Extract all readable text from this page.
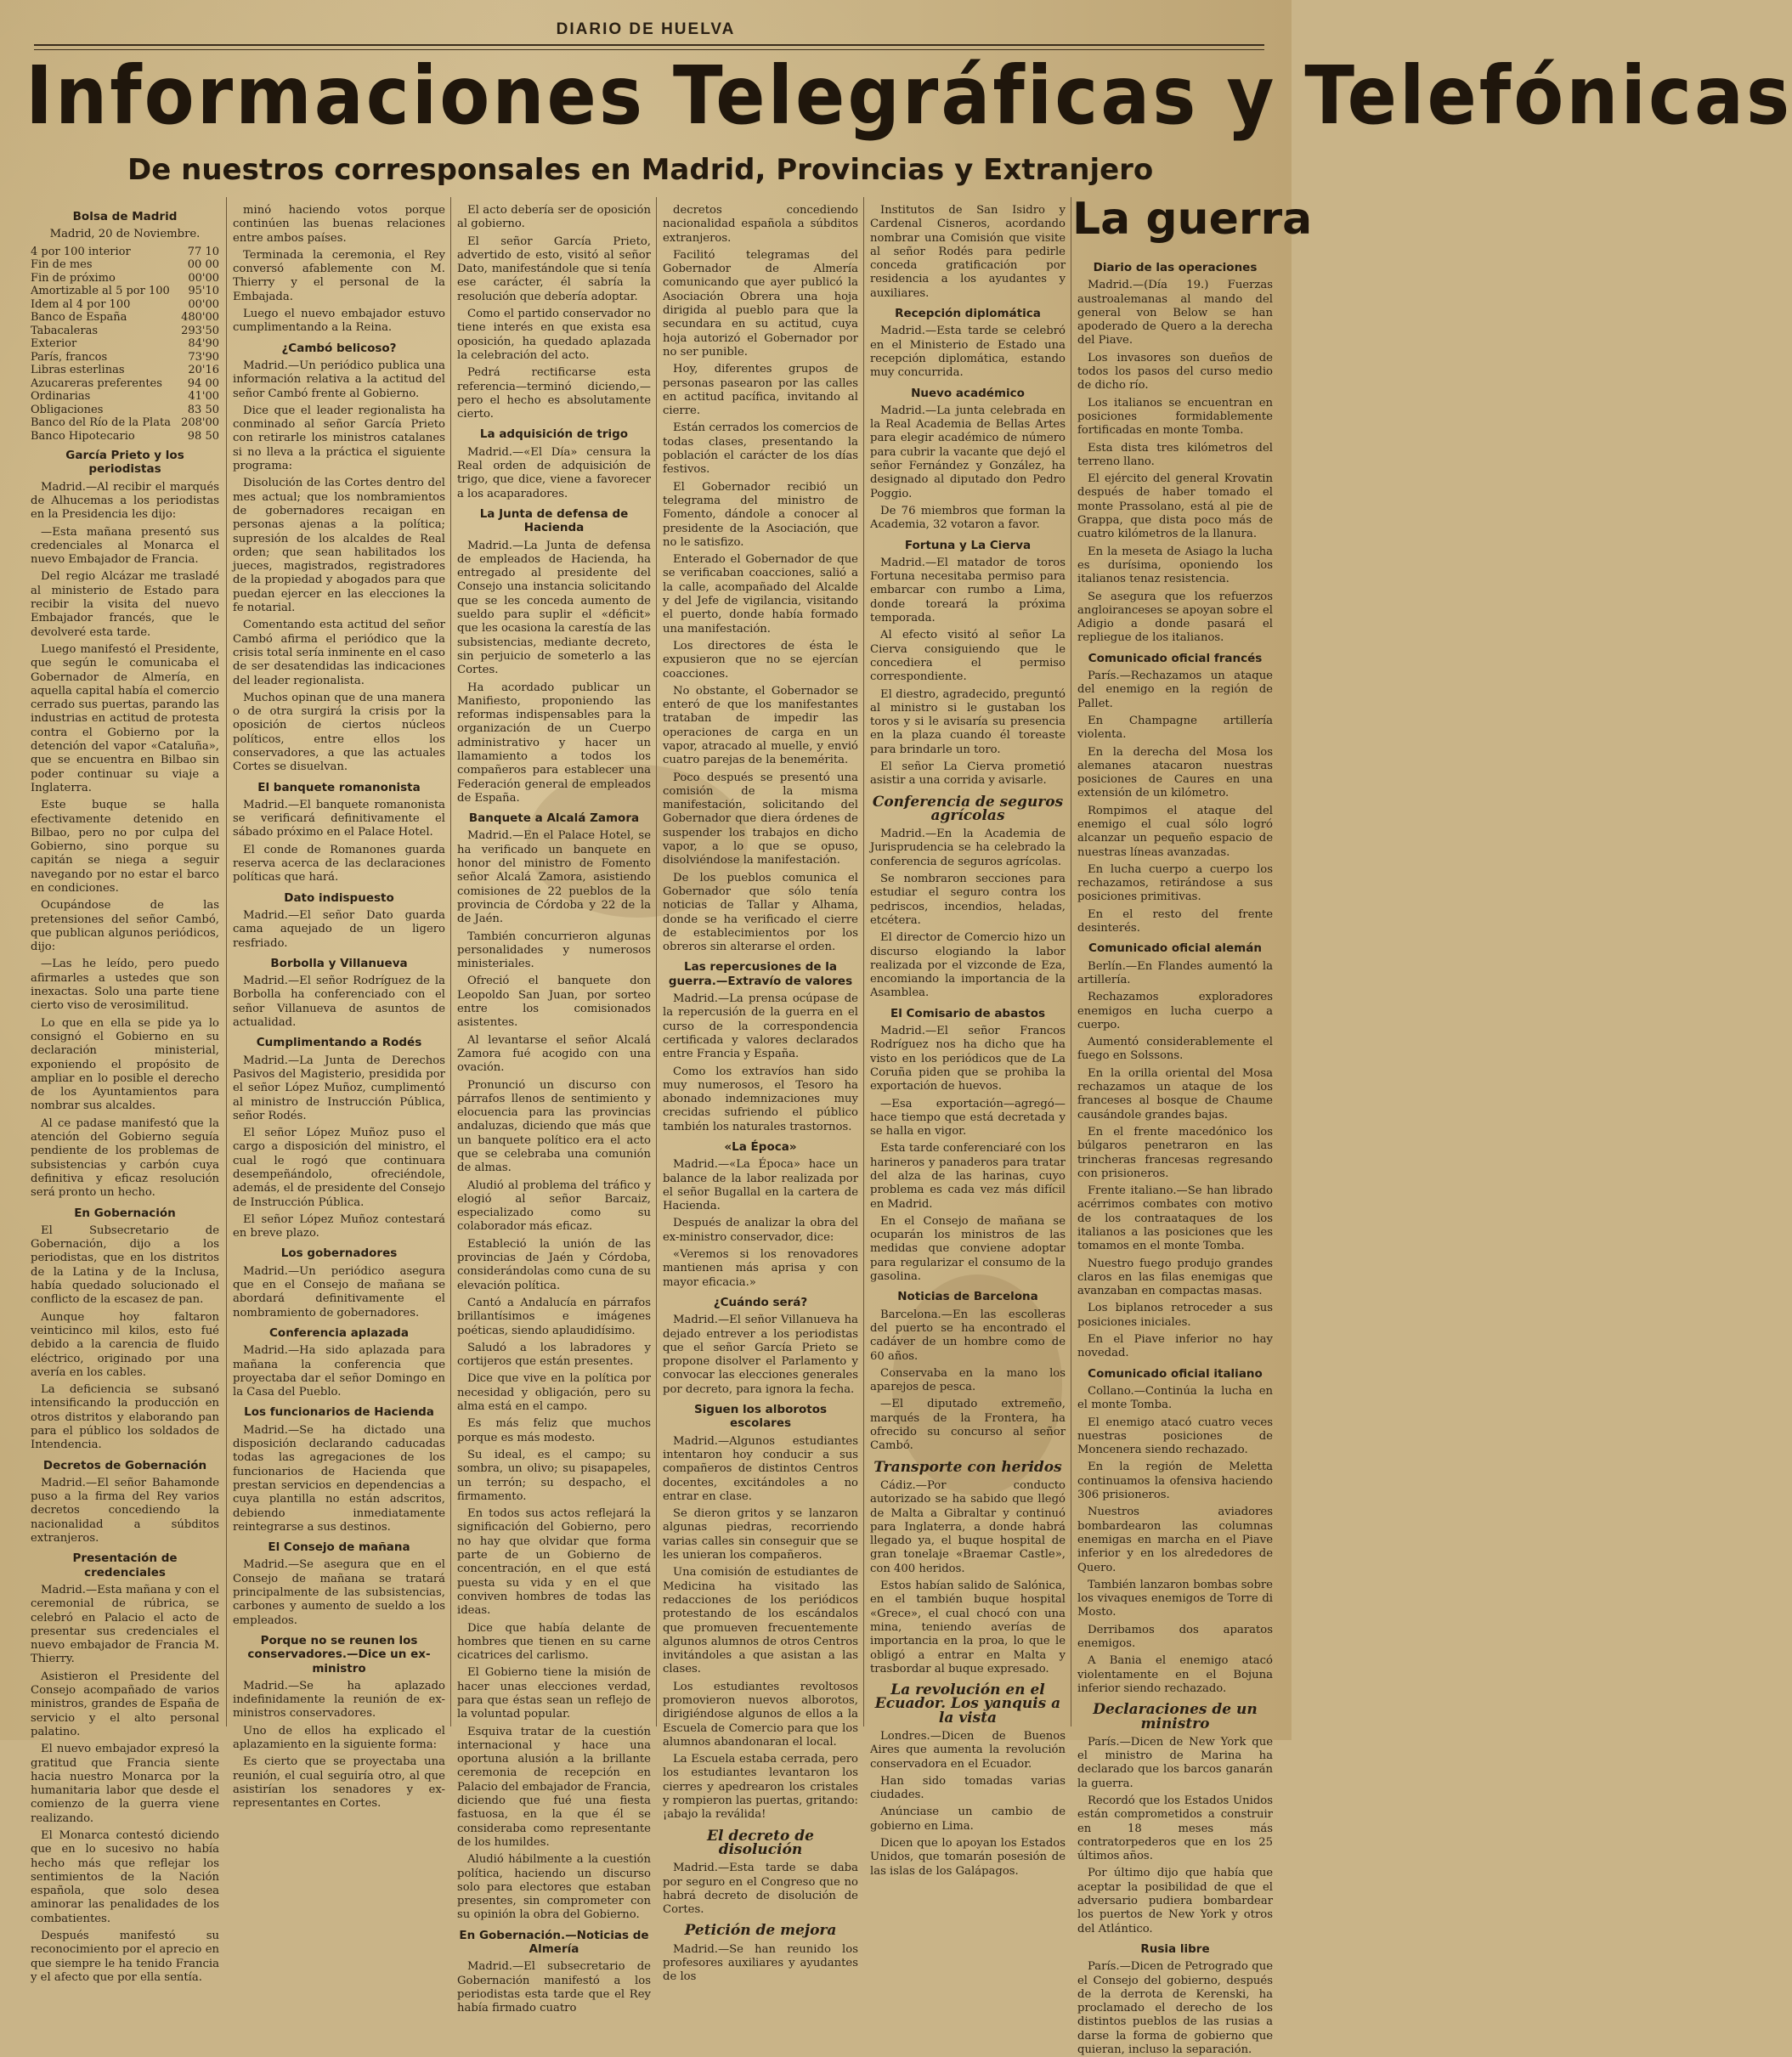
DIARIO DE HUELVA
Informaciones Telegráficas y Telefónicas
De nuestros corresponsales en Madrid, Provincias y Extranjero
La guerra
Bolsa de Madrid
Madrid, 20 de Noviembre.
4 por 100 interior	77 10
Fin de mes	00 00
Fin de próximo	00'00
Amortizable al 5 por 100	95'10
Idem al 4 por 100	00'00
Banco de España	480'00
Tabacaleras	293'50
Exterior	84'90
París, francos	73'90
Libras esterlinas	20'16
Azucareras preferentes	94 00
Ordinarias	41'00
Obligaciones	83 50
Banco del Río de la Plata	208'00
Banco Hipotecario	98 50
García Prieto y los periodistas

Madrid.—Al recibir el marqués de Alhucemas a los periodistas en la Presidencia les dijo:

—Esta mañana presentó sus credenciales al Monarca el nuevo Embajador de Francia.

Del regio Alcázar me trasladé al ministerio de Estado para recibir la visita del nuevo Embajador francés, que le devolveré esta tarde.

Luego manifestó el Presidente, que según le comunicaba el Gobernador de Almería, en aquella capital había el comercio cerrado sus puertas, parando las industrias en actitud de protesta contra el Gobierno por la detención del vapor «Cataluña», que se encuentra en Bilbao sin poder continuar su viaje a Inglaterra.

Este buque se halla efectivamente detenido en Bilbao, pero no por culpa del Gobierno, sino porque su capitán se niega a seguir navegando por no estar el barco en condiciones.

Ocupándose de las pretensiones del señor Cambó, que publican algunos periódicos, dijo:

—Las he leído, pero puedo afirmarles a ustedes que son inexactas. Solo una parte tiene cierto viso de verosimilitud.

Lo que en ella se pide ya lo consignó el Gobierno en su declaración ministerial, exponiendo el propósito de ampliar en lo posible el derecho de los Ayuntamientos para nombrar sus alcaldes.

Al ce padase manifestó que la atención del Gobierno seguía pendiente de los problemas de subsistencias y carbón cuya definitiva y eficaz resolución será pronto un hecho.

En Gobernación

El Subsecretario de Gobernación, dijo a los periodistas, que en los distritos de la Latina y de la Inclusa, había quedado solucionado el conflicto de la escasez de pan.

Aunque hoy faltaron veinticinco mil kilos, esto fué debido a la carencia de fluido eléctrico, originado por una avería en los cables.

La deficiencia se subsanó intensificando la producción en otros distritos y elaborando pan para el público los soldados de Intendencia.

Decretos de Gobernación

Madrid.—El señor Bahamonde puso a la firma del Rey varios decretos concediendo la nacionalidad a súbditos extranjeros.

Presentación de credenciales

Madrid.—Esta mañana y con el ceremonial de rúbrica, se celebró en Palacio el acto de presentar sus credenciales el nuevo embajador de Francia M. Thierry.

Asistieron el Presidente del Consejo acompañado de varios ministros, grandes de España de servicio y el alto personal palatino.

El nuevo embajador expresó la gratitud que Francia siente hacia nuestro Monarca por la humanitaria labor que desde el comienzo de la guerra viene realizando.

El Monarca contestó diciendo que en lo sucesivo no había hecho más que reflejar los sentimientos de la Nación española, que solo desea aminorar las penalidades de los combatientes.

Después manifestó su reconocimiento por el aprecio en que siempre le ha tenido Francia y el afecto que por ella sentía.

minó haciendo votos porque continúen las buenas relaciones entre ambos países.

Terminada la ceremonia, el Rey conversó afablemente con M. Thierry y el personal de la Embajada.

Luego el nuevo embajador estuvo cumplimentando a la Reina.

¿Cambó belicoso?

Madrid.—Un periódico publica una información relativa a la actitud del señor Cambó frente al Gobierno.

Dice que el leader regionalista ha conminado al señor García Prieto con retirarle los ministros catalanes si no lleva a la práctica el siguiente programa:

Disolución de las Cortes dentro del mes actual; que los nombramientos de gobernadores recaigan en personas ajenas a la política; supresión de los alcaldes de Real orden; que sean habilitados los jueces, magistrados, registradores de la propiedad y abogados para que puedan ejercer en las elecciones la fe notarial.

Comentando esta actitud del señor Cambó afirma el periódico que la crisis total sería inminente en el caso de ser desatendidas las indicaciones del leader regionalista.

Muchos opinan que de una manera o de otra surgirá la crisis por la oposición de ciertos núcleos políticos, entre ellos los conservadores, a que las actuales Cortes se disuelvan.

El banquete romanonista

Madrid.—El banquete romanonista se verificará definitivamente el sábado próximo en el Palace Hotel.

El conde de Romanones guarda reserva acerca de las declaraciones políticas que hará.

Dato indispuesto

Madrid.—El señor Dato guarda cama aquejado de un ligero resfriado.

Borbolla y Villanueva

Madrid.—El señor Rodríguez de la Borbolla ha conferenciado con el señor Villanueva de asuntos de actualidad.

Cumplimentando a Rodés

Madrid.—La Junta de Derechos Pasivos del Magisterio, presidida por el señor López Muñoz, cumplimentó al ministro de Instrucción Pública, señor Rodés.

El señor López Muñoz puso el cargo a disposición del ministro, el cual le rogó que continuara desempeñándolo, ofreciéndole, además, el de presidente del Consejo de Instrucción Pública.

El señor López Muñoz contestará en breve plazo.

Los gobernadores

Madrid.—Un periódico asegura que en el Consejo de mañana se abordará definitivamente el nombramiento de gobernadores.

Conferencia aplazada

Madrid.—Ha sido aplazada para mañana la conferencia que proyectaba dar el señor Domingo en la Casa del Pueblo.

Los funcionarios de Hacienda

Madrid.—Se ha dictado una disposición declarando caducadas todas las agregaciones de los funcionarios de Hacienda que prestan servicios en dependencias a cuya plantilla no están adscritos, debiendo inmediatamente reintegrarse a sus destinos.

El Consejo de mañana

Madrid.—Se asegura que en el Consejo de mañana se tratará principalmente de las subsistencias, carbones y aumento de sueldo a los empleados.

Porque no se reunen los conservadores.—Dice un ex-ministro

Madrid.—Se ha aplazado indefinidamente la reunión de ex-ministros conservadores.

Uno de ellos ha explicado el aplazamiento en la siguiente forma:

Es cierto que se proyectaba una reunión, el cual seguiría otro, al que asistirían los senadores y ex-representantes en Cortes.

El acto debería ser de oposición al gobierno.

El señor García Prieto, advertido de esto, visitó al señor Dato, manifestándole que si tenía ese carácter, él sabría la resolución que debería adoptar.

Como el partido conservador no tiene interés en que exista esa oposición, ha quedado aplazada la celebración del acto.

Pedrá rectificarse esta referencia—terminó diciendo,—pero el hecho es absolutamente cierto.

La adquisición de trigo

Madrid.—«El Día» censura la Real orden de adquisición de trigo, que dice, viene a favorecer a los acaparadores.

La Junta de defensa de Hacienda

Madrid.—La Junta de defensa de empleados de Hacienda, ha entregado al presidente del Consejo una instancia solicitando que se les conceda aumento de sueldo para suplir el «déficit» que les ocasiona la carestía de las subsistencias, mediante decreto, sin perjuicio de someterlo a las Cortes.

Ha acordado publicar un Manifiesto, proponiendo las reformas indispensables para la organización de un Cuerpo administrativo y hacer un llamamiento a todos los compañeros para establecer una Federación general de empleados de España.

Banquete a Alcalá Zamora

Madrid.—En el Palace Hotel, se ha verificado un banquete en honor del ministro de Fomento señor Alcalá Zamora, asistiendo comisiones de 22 pueblos de la provincia de Córdoba y 22 de la de Jaén.

También concurrieron algunas personalidades y numerosos ministeriales.

Ofreció el banquete don Leopoldo San Juan, por sorteo entre los comisionados asistentes.

Al levantarse el señor Alcalá Zamora fué acogido con una ovación.

Pronunció un discurso con párrafos llenos de sentimiento y elocuencia para las provincias andaluzas, diciendo que más que un banquete político era el acto que se celebraba una comunión de almas.

Aludió al problema del tráfico y elogió al señor Barcaiz, especializado como su colaborador más eficaz.

Estableció la unión de las provincias de Jaén y Córdoba, considerándolas como cuna de su elevación política.

Cantó a Andalucía en párrafos brillantísimos e imágenes poéticas, siendo aplaudidísimo.

Saludó a los labradores y cortijeros que están presentes.

Dice que vive en la política por necesidad y obligación, pero su alma está en el campo.

Es más feliz que muchos porque es más modesto.

Su ideal, es el campo; su sombra, un olivo; su pisapapeles, un terrón; su despacho, el firmamento.

En todos sus actos reflejará la significación del Gobierno, pero no hay que olvidar que forma parte de un Gobierno de concentración, en el que está puesta su vida y en el que conviven hombres de todas las ideas.

Dice que había delante de hombres que tienen en su carne cicatrices del carlismo.

El Gobierno tiene la misión de hacer unas elecciones verdad, para que éstas sean un reflejo de la voluntad popular.

Esquiva tratar de la cuestión internacional y hace una oportuna alusión a la brillante ceremonia de recepción en Palacio del embajador de Francia, diciendo que fué una fiesta fastuosa, en la que él se consideraba como representante de los humildes.

Aludió hábilmente a la cuestión política, haciendo un discurso solo para electores que estaban presentes, sin comprometer con su opinión la obra del Gobierno.

En Gobernación.—Noticias de Almería

Madrid.—El subsecretario de Gobernación manifestó a los periodistas esta tarde que el Rey había firmado cuatro

decretos concediendo nacionalidad española a súbditos extranjeros.

Facilitó telegramas del Gobernador de Almería comunicando que ayer publicó la Asociación Obrera una hoja dirigida al pueblo para que la secundara en su actitud, cuya hoja autorizó el Gobernador por no ser punible.

Hoy, diferentes grupos de personas pasearon por las calles en actitud pacífica, invitando al cierre.

Están cerrados los comercios de todas clases, presentando la población el carácter de los días festivos.

El Gobernador recibió un telegrama del ministro de Fomento, dándole a conocer al presidente de la Asociación, que no le satisfizo.

Enterado el Gobernador de que se verificaban coacciones, salió a la calle, acompañado del Alcalde y del Jefe de vigilancia, visitando el puerto, donde había formado una manifestación.

Los directores de ésta le expusieron que no se ejercían coacciones.

No obstante, el Gobernador se enteró de que los manifestantes trataban de impedir las operaciones de carga en un vapor, atracado al muelle, y envió cuatro parejas de la benemérita.

Poco después se presentó una comisión de la misma manifestación, solicitando del Gobernador que diera órdenes de suspender los trabajos en dicho vapor, a lo que se opuso, disolviéndose la manifestación.

De los pueblos comunica el Gobernador que sólo tenía noticias de Tallar y Alhama, donde se ha verificado el cierre de establecimientos por los obreros sin alterarse el orden.

Las repercusiones de la guerra.—Extravío de valores

Madrid.—La prensa ocúpase de la repercusión de la guerra en el curso de la correspondencia certificada y valores declarados entre Francia y España.

Como los extravíos han sido muy numerosos, el Tesoro ha abonado indemnizaciones muy crecidas sufriendo el público también los naturales trastornos.

«La Época»

Madrid.—«La Época» hace un balance de la labor realizada por el señor Bugallal en la cartera de Hacienda.

Después de analizar la obra del ex-ministro conservador, dice:

«Veremos si los renovadores mantienen más aprisa y con mayor eficacia.»

¿Cuándo será?

Madrid.—El señor Villanueva ha dejado entrever a los periodistas que el señor García Prieto se propone disolver el Parlamento y convocar las elecciones generales por decreto, para ignora la fecha.

Siguen los alborotos escolares

Madrid.—Algunos estudiantes intentaron hoy conducir a sus compañeros de distintos Centros docentes, excitándoles a no entrar en clase.

Se dieron gritos y se lanzaron algunas piedras, recorriendo varias calles sin conseguir que se les unieran los compañeros.

Una comisión de estudiantes de Medicina ha visitado las redacciones de los periódicos protestando de los escándalos que promueven frecuentemente algunos alumnos de otros Centros invitándoles a que asistan a las clases.

Los estudiantes revoltosos promovieron nuevos alborotos, dirigiéndose algunos de ellos a la Escuela de Comercio para que los alumnos abandonaran el local.

La Escuela estaba cerrada, pero los estudiantes levantaron los cierres y apedrearon los cristales y rompieron las puertas, gritando: ¡abajo la reválida!

El decreto de disolución

Madrid.—Esta tarde se daba por seguro en el Congreso que no habrá decreto de disolución de Cortes.

Petición de mejora

Madrid.—Se han reunido los profesores auxiliares y ayudantes de los

Institutos de San Isidro y Cardenal Cisneros, acordando nombrar una Comisión que visite al señor Rodés para pedirle conceda gratificación por residencia a los ayudantes y auxiliares.

Recepción diplomática

Madrid.—Esta tarde se celebró en el Ministerio de Estado una recepción diplomática, estando muy concurrida.

Nuevo académico

Madrid.—La junta celebrada en la Real Academia de Bellas Artes para elegir académico de número para cubrir la vacante que dejó el señor Fernández y González, ha designado al diputado don Pedro Poggio.

De 76 miembros que forman la Academia, 32 votaron a favor.

Fortuna y La Cierva

Madrid.—El matador de toros Fortuna necesitaba permiso para embarcar con rumbo a Lima, donde toreará la próxima temporada.

Al efecto visitó al señor La Cierva consiguiendo que le concediera el permiso correspondiente.

El diestro, agradecido, preguntó al ministro si le gustaban los toros y si le avisaría su presencia en la plaza cuando él toreaste para brindarle un toro.

El señor La Cierva prometió asistir a una corrida y avisarle.

Conferencia de seguros agrícolas

Madrid.—En la Academia de Jurisprudencia se ha celebrado la conferencia de seguros agrícolas.

Se nombraron secciones para estudiar el seguro contra los pedriscos, incendios, heladas, etcétera.

El director de Comercio hizo un discurso elogiando la labor realizada por el vizconde de Eza, encomiando la importancia de la Asamblea.

El Comisario de abastos

Madrid.—El señor Francos Rodríguez nos ha dicho que ha visto en los periódicos que de La Coruña piden que se prohiba la exportación de huevos.

—Esa exportación—agregó—hace tiempo que está decretada y se halla en vigor.

Esta tarde conferenciaré con los harineros y panaderos para tratar del alza de las harinas, cuyo problema es cada vez más difícil en Madrid.

En el Consejo de mañana se ocuparán los ministros de las medidas que conviene adoptar para regularizar el consumo de la gasolina.

Noticias de Barcelona

Barcelona.—En las escolleras del puerto se ha encontrado el cadáver de un hombre como de 60 años.

Conservaba en la mano los aparejos de pesca.

—El diputado extremeño, marqués de la Frontera, ha ofrecido su concurso al señor Cambó.

Transporte con heridos

Cádiz.—Por conducto autorizado se ha sabido que llegó de Malta a Gibraltar y continuó para Inglaterra, a donde habrá llegado ya, el buque hospital de gran tonelaje «Braemar Castle», con 400 heridos.

Estos habían salido de Salónica, en el también buque hospital «Grece», el cual chocó con una mina, teniendo averías de importancia en la proa, lo que le obligó a entrar en Malta y trasbordar al buque expresado.

La revolución en el Ecuador. Los yanquis a la vista

Londres.—Dicen de Buenos Aires que aumenta la revolución conservadora en el Ecuador.

Han sido tomadas varias ciudades.

Anúnciase un cambio de gobierno en Lima.

Dicen que lo apoyan los Estados Unidos, que tomarán posesión de las islas de los Galápagos.

Diario de las operaciones

Madrid.—(Día 19.) Fuerzas austroalemanas al mando del general von Below se han apoderado de Quero a la derecha del Piave.

Los invasores son dueños de todos los pasos del curso medio de dicho río.

Los italianos se encuentran en posiciones formidablemente fortificadas en monte Tomba.

Esta dista tres kilómetros del terreno llano.

El ejército del general Krovatin después de haber tomado el monte Prassolano, está al pie de Grappa, que dista poco más de cuatro kilómetros de la llanura.

En la meseta de Asiago la lucha es durísima, oponiendo los italianos tenaz resistencia.

Se asegura que los refuerzos angloiranceses se apoyan sobre el Adigio a donde pasará el repliegue de los italianos.

Comunicado oficial francés

París.—Rechazamos un ataque del enemigo en la región de Pallet.

En Champagne artillería violenta.

En la derecha del Mosa los alemanes atacaron nuestras posiciones de Caures en una extensión de un kilómetro.

Rompimos el ataque del enemigo el cual sólo logró alcanzar un pequeño espacio de nuestras líneas avanzadas.

En lucha cuerpo a cuerpo los rechazamos, retirándose a sus posiciones primitivas.

En el resto del frente desinterés.

Comunicado oficial alemán

Berlín.—En Flandes aumentó la artillería.

Rechazamos exploradores enemigos en lucha cuerpo a cuerpo.

Aumentó considerablemente el fuego en Solssons.

En la orilla oriental del Mosa rechazamos un ataque de los franceses al bosque de Chaume causándole grandes bajas.

En el frente macedónico los búlgaros penetraron en las trincheras francesas regresando con prisioneros.

Frente italiano.—Se han librado acérrimos combates con motivo de los contraataques de los italianos a las posiciones que les tomamos en el monte Tomba.

Nuestro fuego produjo grandes claros en las filas enemigas que avanzaban en compactas masas.

Los biplanos retroceder a sus posiciones iniciales.

En el Piave inferior no hay novedad.

Comunicado oficial italiano

Collano.—Continúa la lucha en el monte Tomba.

El enemigo atacó cuatro veces nuestras posiciones de Moncenera siendo rechazado.

En la región de Meletta continuamos la ofensiva haciendo 306 prisioneros.

Nuestros aviadores bombardearon las columnas enemigas en marcha en el Piave inferior y en los alrededores de Quero.

También lanzaron bombas sobre los vivaques enemigos de Torre di Mosto.

Derribamos dos aparatos enemigos.

A Bania el enemigo atacó violentamente en el Bojuna inferior siendo rechazado.

Declaraciones de un ministro

París.—Dicen de New York que el ministro de Marina ha declarado que los barcos ganarán la guerra.

Recordó que los Estados Unidos están comprometidos a construir en 18 meses más contratorpederos que en los 25 últimos años.

Por último dijo que había que aceptar la posibilidad de que el adversario pudiera bombardear los puertos de New York y otros del Atlántico.

Rusia libre

París.—Dicen de Petrogrado que el Consejo del gobierno, después de la derrota de Kerenski, ha proclamado el derecho de los distintos pueblos de las rusias a darse la forma de gobierno que quieran, incluso la separación.
